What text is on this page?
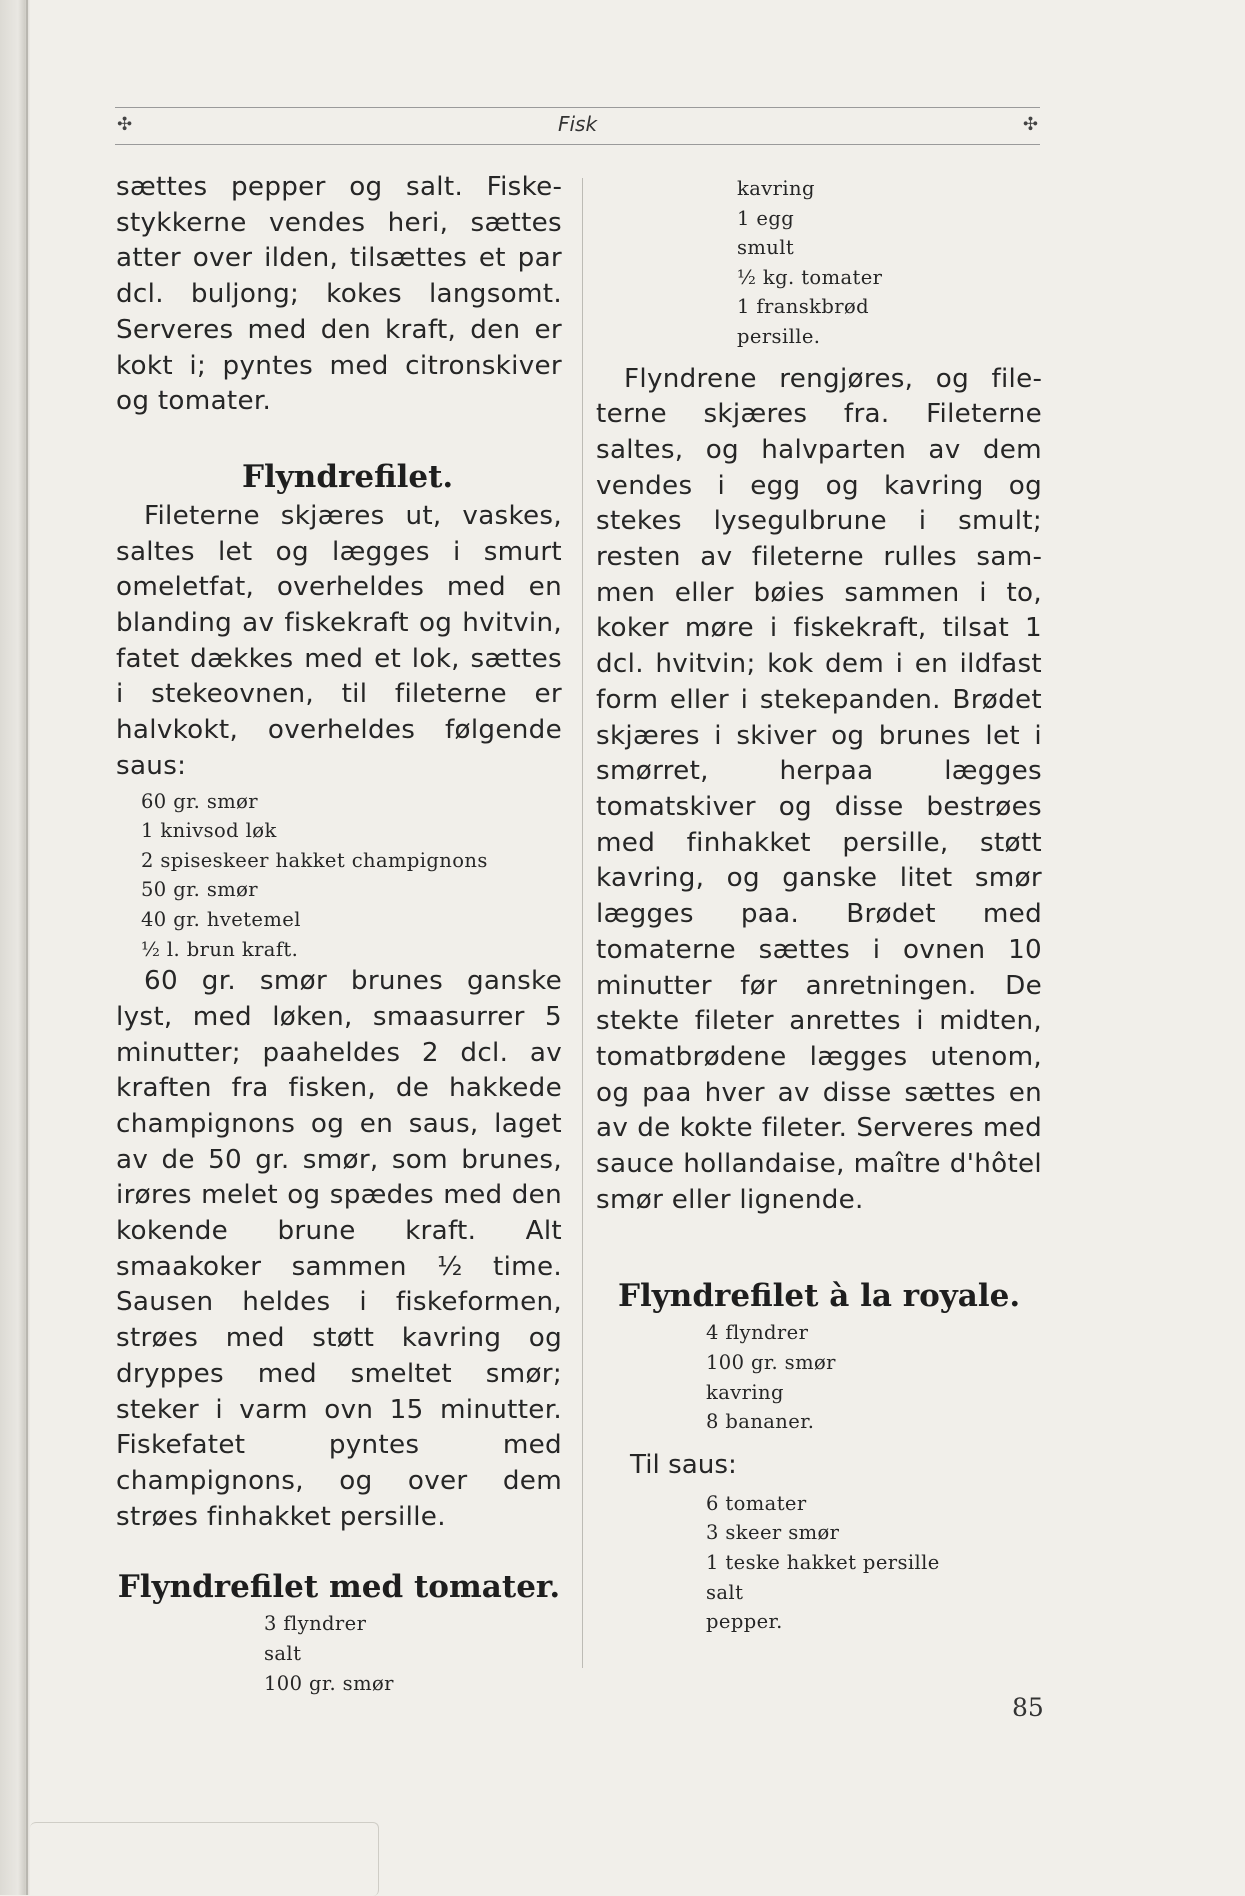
✣	Fisk	✣

sættes pepper og salt. Fiskestykkerne vendes heri, sættes atter over ilden, tilsættes et par dcl. buljong; kokes langsomt. Serveres med den kraft, den er kokt i; pyntes med citronskiver og tomater.

Flyndrefilet.

Fileterne skjæres ut, vaskes, saltes let og lægges i smurt omeletfat, overheldes med en blanding av fiskekraft og hvitvin, fatet dækkes med et lok, sættes i stekeovnen, til fileterne er halvkokt, overheldes følgende saus:

60 gr. smør

1 knivsod løk

2 spiseskeer hakket champignons

50 gr. smør

40 gr. hvetemel

½ l. brun kraft.

60 gr. smør brunes ganske lyst, med løken, smaasurrer 5 minutter; paaheldes 2 dcl. av kraften fra fisken, de hakkede champignons og en saus, laget av de 50 gr. smør, som brunes, irøres melet og spædes med den kokende brune kraft. Alt smaakoker sammen ½ time. Sausen heldes i fiskeformen, strøes med støtt kavring og dryppes med smeltet smør; steker i varm ovn 15 minutter. Fiskefatet pyntes med champignons, og over dem strøes finhakket persille.

Flyndrefilet med tomater.

3 flyndrer

salt

100 gr. smør

kavring

1 egg

smult

½ kg. tomater

1 franskbrød

persille.

Flyndrene rengjøres, og fileterne skjæres fra. Fileterne saltes, og halvparten av dem vendes i egg og kavring og stekes lysegulbrune i smult; resten av fileterne rulles sammen eller bøies sammen i to, koker møre i fiskekraft, tilsat 1 dcl. hvitvin; kok dem i en ildfast form eller i stekepanden. Brødet skjæres i skiver og brunes let i smørret, herpaa lægges tomatskiver og disse bestrøes med finhakket persille, støtt kavring, og ganske litet smør lægges paa. Brødet med tomaterne sættes i ovnen 10 minutter før anretningen. De stekte fileter anrettes i midten, tomatbrødene lægges utenom, og paa hver av disse sættes en av de kokte fileter. Serveres med sauce hollandaise, maître d'hôtel smør eller lignende.

Flyndrefilet à la royale.

4 flyndrer

100 gr. smør

kavring

8 bananer.

Til saus:

6 tomater

3 skeer smør

1 teske hakket persille

salt

pepper.

85
